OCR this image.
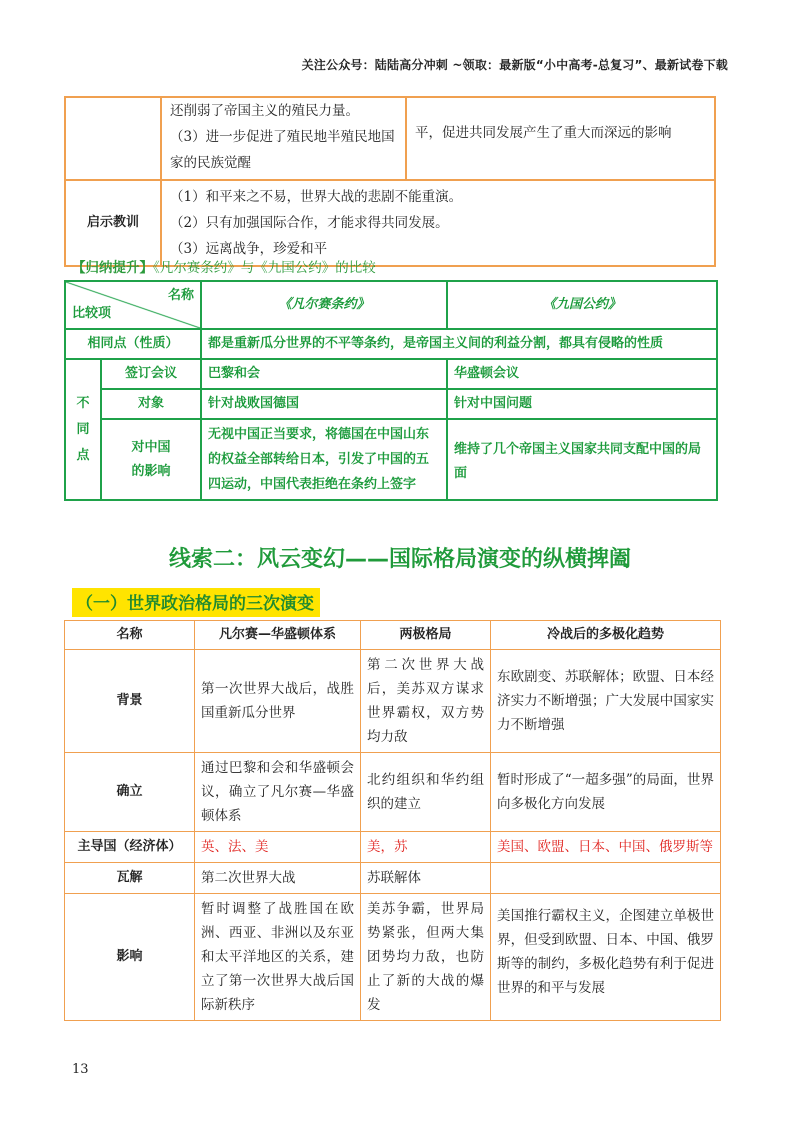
关注公众号：陆陆高分冲刺 ~领取：最新版“小中高考-总复习”、最新试卷下载

	还削弱了帝国主义的殖民力量。
（3）进一步促进了殖民地半殖民地国家的民族觉醒	平，促进共同发展产生了重大而深远的影响
启示教训	（1）和平来之不易，世界大战的悲剧不能重演。
（2）只有加强国际合作，才能求得共同发展。
（3）远离战争，珍爱和平	
【归纳提升】《凡尔赛条约》与《九国公约》的比较
名称
比较项		《凡尔赛条约》	《九国公约》
相同点（性质）		都是重新瓜分世界的不平等条约，是帝国主义间的利益分割，都具有侵略的性质	
不同点	签订会议	巴黎和会	华盛顿会议
	对象	针对战败国德国	针对中国问题
	对中国的影响	无视中国正当要求，将德国在中国山东的权益全部转给日本，引发了中国的五四运动，中国代表拒绝在条约上签字	维持了几个帝国主义国家共同支配中国的局面
线索二：风云变幻——国际格局演变的纵横捭阖
（一）世界政治格局的三次演变
名称	凡尔赛—华盛顿体系	两极格局	冷战后的多极化趋势
背景	第一次世界大战后，战胜国重新瓜分世界	第二次世界大战后，美苏双方谋求世界霸权，双方势均力敌	东欧剧变、苏联解体；欧盟、日本经济实力不断增强；广大发展中国家实力不断增强
确立	通过巴黎和会和华盛顿会议，确立了凡尔赛—华盛顿体系	北约组织和华约组织的建立	暂时形成了“一超多强”的局面，世界向多极化方向发展
主导国（经济体）	英、法、美	美，苏	美国、欧盟、日本、中国、俄罗斯等
瓦解	第二次世界大战	苏联解体	
影响	暂时调整了战胜国在欧洲、西亚、非洲以及东亚和太平洋地区的关系，建立了第一次世界大战后国际新秩序	美苏争霸，世界局势紧张，但两大集团势均力敌，也防止了新的大战的爆发	美国推行霸权主义，企图建立单极世界，但受到欧盟、日本、中国、俄罗斯等的制约，多极化趋势有利于促进世界的和平与发展
13
